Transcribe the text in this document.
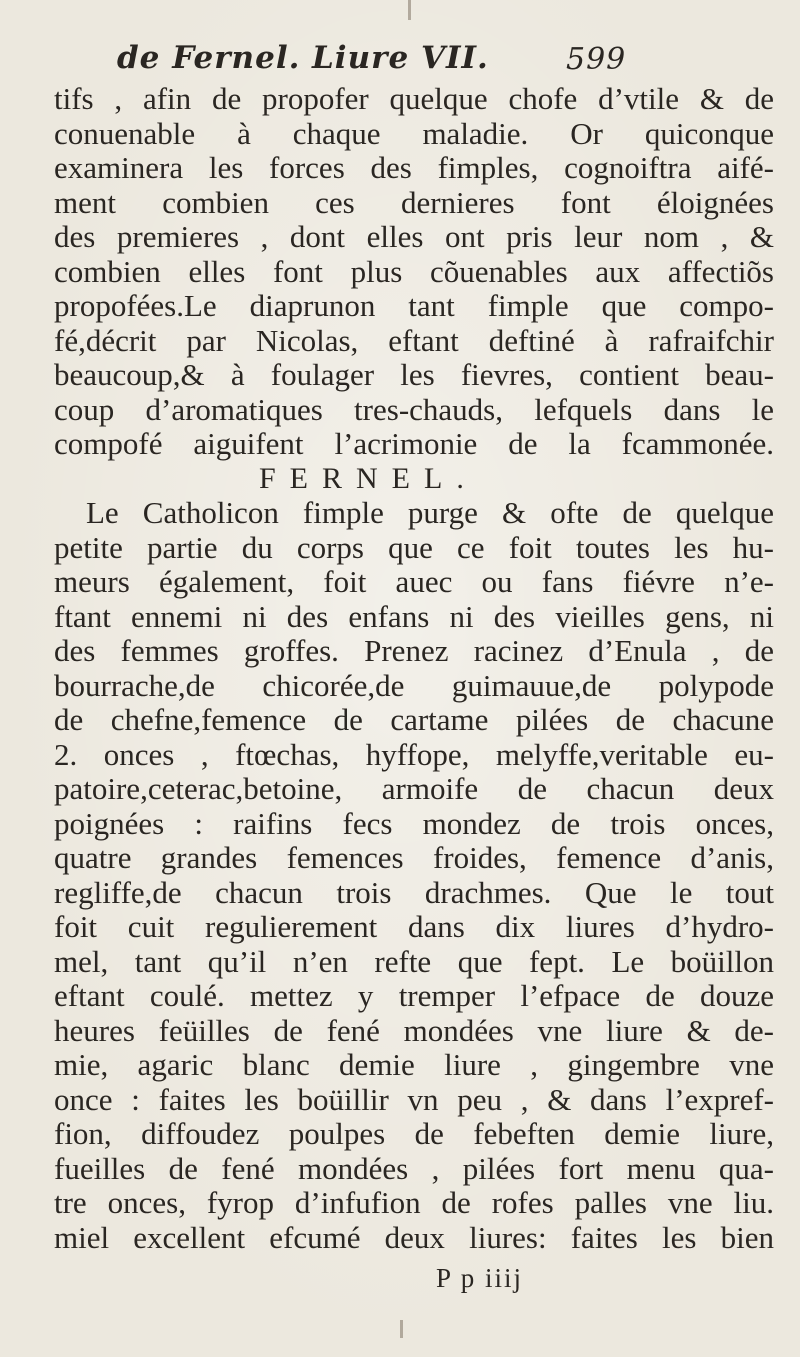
de Fernel. Liure VII.	599
tifs , afin de propofer quelque chofe d’vtile & de
conuenable à chaque maladie. Or quiconque
examinera les forces des fimples, cognoiftra aifé-
ment combien ces dernieres font éloignées
des premieres , dont elles ont pris leur nom , &
combien elles font plus cõuenables aux affectiõs
propofées.Le diaprunon tant fimple que compo-
fé,décrit par Nicolas, eftant deftiné à rafraifchir
beaucoup,& à foulager les fievres, contient beau-
coup d’aromatiques tres-chauds, lefquels dans le
compofé aiguifent l’acrimonie de la fcammonée.
FERNEL.
Le Catholicon fimple purge & ofte de quelque
petite partie du corps que ce foit toutes les hu-
meurs également, foit auec ou fans fiévre n’e-
ftant ennemi ni des enfans ni des vieilles gens, ni
des femmes groffes. Prenez racinez d’Enula , de
bourrache,de chicorée,de guimauue,de polypode
de chefne,femence de cartame pilées de chacune
2. onces , ftœchas, hyffope, melyffe,veritable eu-
patoire,ceterac,betoine, armoife de chacun deux
poignées : raifins fecs mondez de trois onces,
quatre grandes femences froides, femence d’anis,
regliffe,de chacun trois drachmes. Que le tout
foit cuit regulierement dans dix liures d’hydro-
mel, tant qu’il n’en refte que fept. Le boüillon
eftant coulé. mettez y tremper l’efpace de douze
heures feüilles de fené mondées vne liure & de-
mie, agaric blanc demie liure , gingembre vne
once : faites les boüillir vn peu , & dans l’expref-
fion, diffoudez poulpes de febeften demie liure,
fueilles de fené mondées , pilées fort menu qua-
tre onces, fyrop d’infufion de rofes palles vne liu.
miel excellent efcumé deux liures: faites les bien
P p iiij
